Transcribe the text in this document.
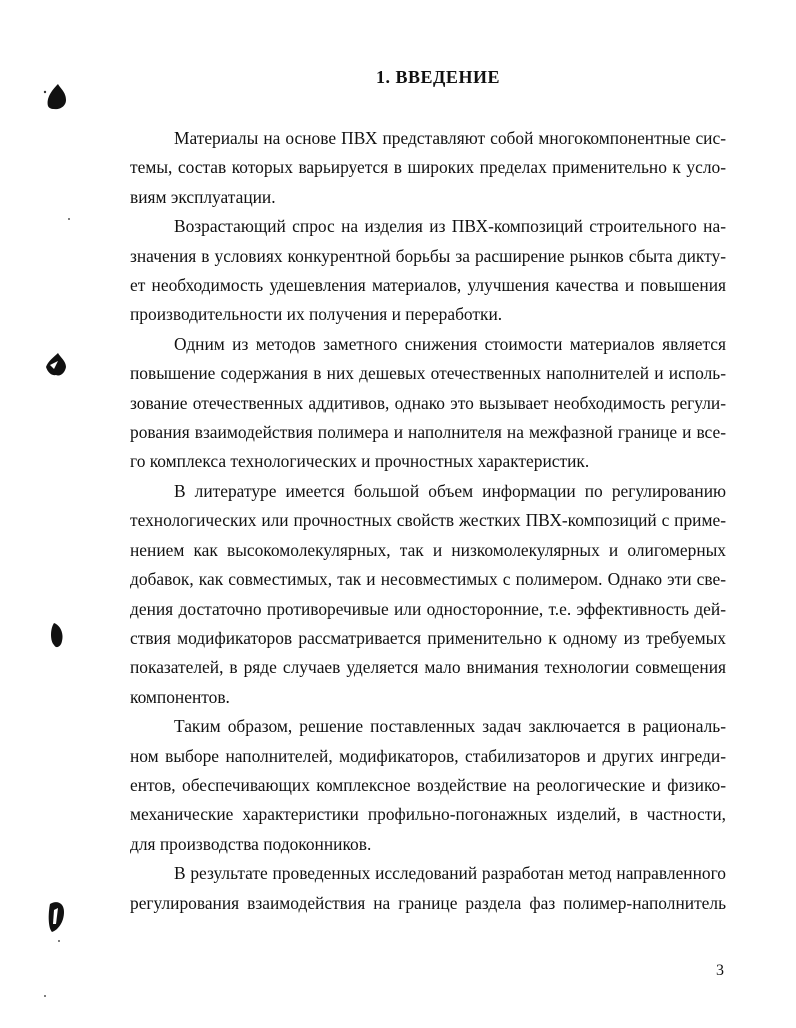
1. ВВЕДЕНИЕ
Материалы на основе ПВХ представляют собой многокомпонентные сис-
темы, состав которых варьируется в широких пределах применительно к усло-
виям эксплуатации.
Возрастающий спрос на изделия из ПВХ-композиций строительного на-
значения в условиях конкурентной борьбы за расширение рынков сбыта дикту-
ет необходимость удешевления материалов, улучшения качества и повышения
производительности их получения и переработки.
Одним из методов заметного снижения стоимости материалов является
повышение содержания в них дешевых отечественных наполнителей и исполь-
зование отечественных аддитивов, однако это вызывает необходимость регули-
рования взаимодействия полимера и наполнителя на межфазной границе и все-
го комплекса технологических и прочностных характеристик.
В литературе имеется большой объем информации по регулированию
технологических или прочностных свойств жестких ПВХ-композиций с приме-
нением как высокомолекулярных, так и низкомолекулярных и олигомерных
добавок, как совместимых, так и несовместимых с полимером. Однако эти све-
дения достаточно противоречивые или односторонние, т.е. эффективность дей-
ствия модификаторов рассматривается применительно к одному из требуемых
показателей, в ряде случаев уделяется мало внимания технологии совмещения
компонентов.
Таким образом, решение поставленных задач заключается в рациональ-
ном выборе наполнителей, модификаторов, стабилизаторов и других ингреди-
ентов, обеспечивающих комплексное воздействие на реологические и физико-
механические характеристики профильно-погонажных изделий, в частности,
для производства подоконников.
В результате проведенных исследований разработан метод направленного
регулирования взаимодействия на границе раздела фаз полимер-наполнитель
3
